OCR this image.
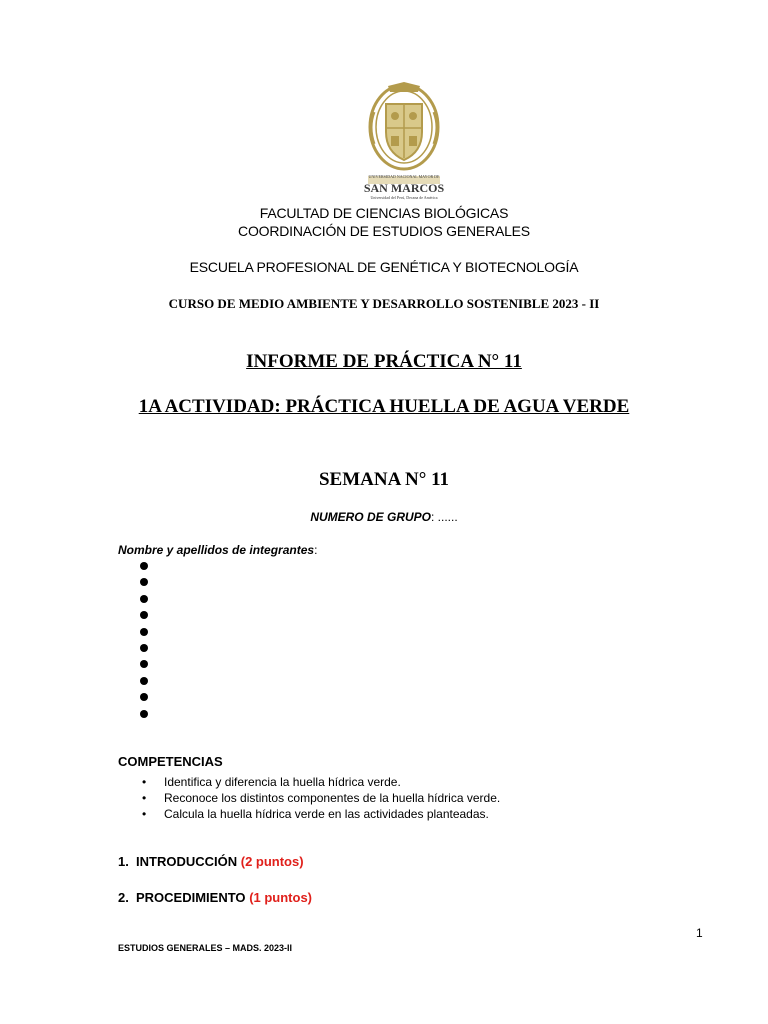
UNIVERSIDAD NACIONAL MAYOR DE
SAN MARCOS
Universidad del Perú, Decana de América
FACULTAD DE CIENCIAS BIOLÓGICAS
COORDINACIÓN DE ESTUDIOS GENERALES
ESCUELA PROFESIONAL DE GENÉTICA Y BIOTECNOLOGÍA
CURSO DE MEDIO AMBIENTE Y DESARROLLO SOSTENIBLE 2023 - II
INFORME DE PRÁCTICA N° 11
1A ACTIVIDAD: PRÁCTICA HUELLA DE AGUA VERDE
SEMANA N° 11
NUMERO DE GRUPO: ......
Nombre y apellidos de integrantes:
COMPETENCIAS
• Identifica y diferencia la huella hídrica verde.
• Reconoce los distintos componentes de la huella hídrica verde.
• Calcula la huella hídrica verde en las actividades planteadas.
1. INTRODUCCIÓN (2 puntos)
2. PROCEDIMIENTO (1 puntos)
1
ESTUDIOS GENERALES – MADS. 2023-II
